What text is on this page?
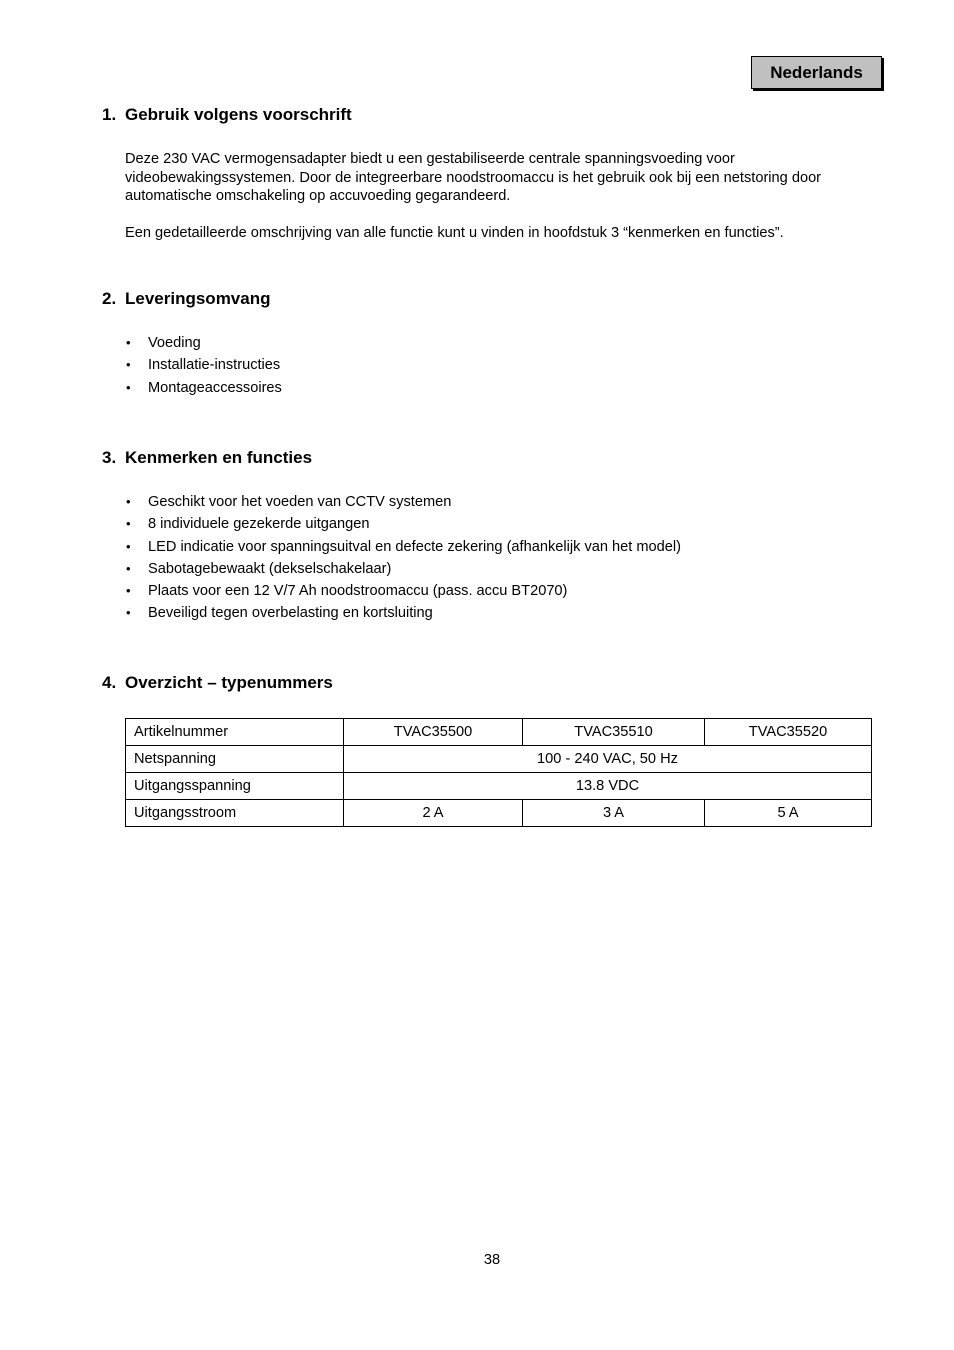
Nederlands
1. Gebruik volgens voorschrift
Deze 230 VAC vermogensadapter biedt u een gestabiliseerde centrale spanningsvoeding voor videobewakingssystemen. Door de integreerbare noodstroomaccu is het gebruik ook bij een netstoring door automatische omschakeling op accuvoeding gegarandeerd.
Een gedetailleerde omschrijving van alle functie kunt u vinden in hoofdstuk 3 “kenmerken en functies”.
2. Leveringsomvang
• Voeding
• Installatie-instructies
• Montageaccessoires
3. Kenmerken en functies
• Geschikt voor het voeden van CCTV systemen
• 8 individuele gezekerde uitgangen
• LED indicatie voor spanningsuitval en defecte zekering (afhankelijk van het model)
• Sabotagebewaakt (dekselschakelaar)
• Plaats voor een 12 V/7 Ah noodstroomaccu (pass. accu BT2070)
• Beveiligd tegen overbelasting en kortsluiting
4. Overzicht – typenummers
Artikelnummer	TVAC35500	TVAC35510	TVAC35520
Netspanning	100 - 240 VAC, 50 Hz		
Uitgangsspanning	13.8 VDC		
Uitgangsstroom	2 A	3 A	5 A
38
